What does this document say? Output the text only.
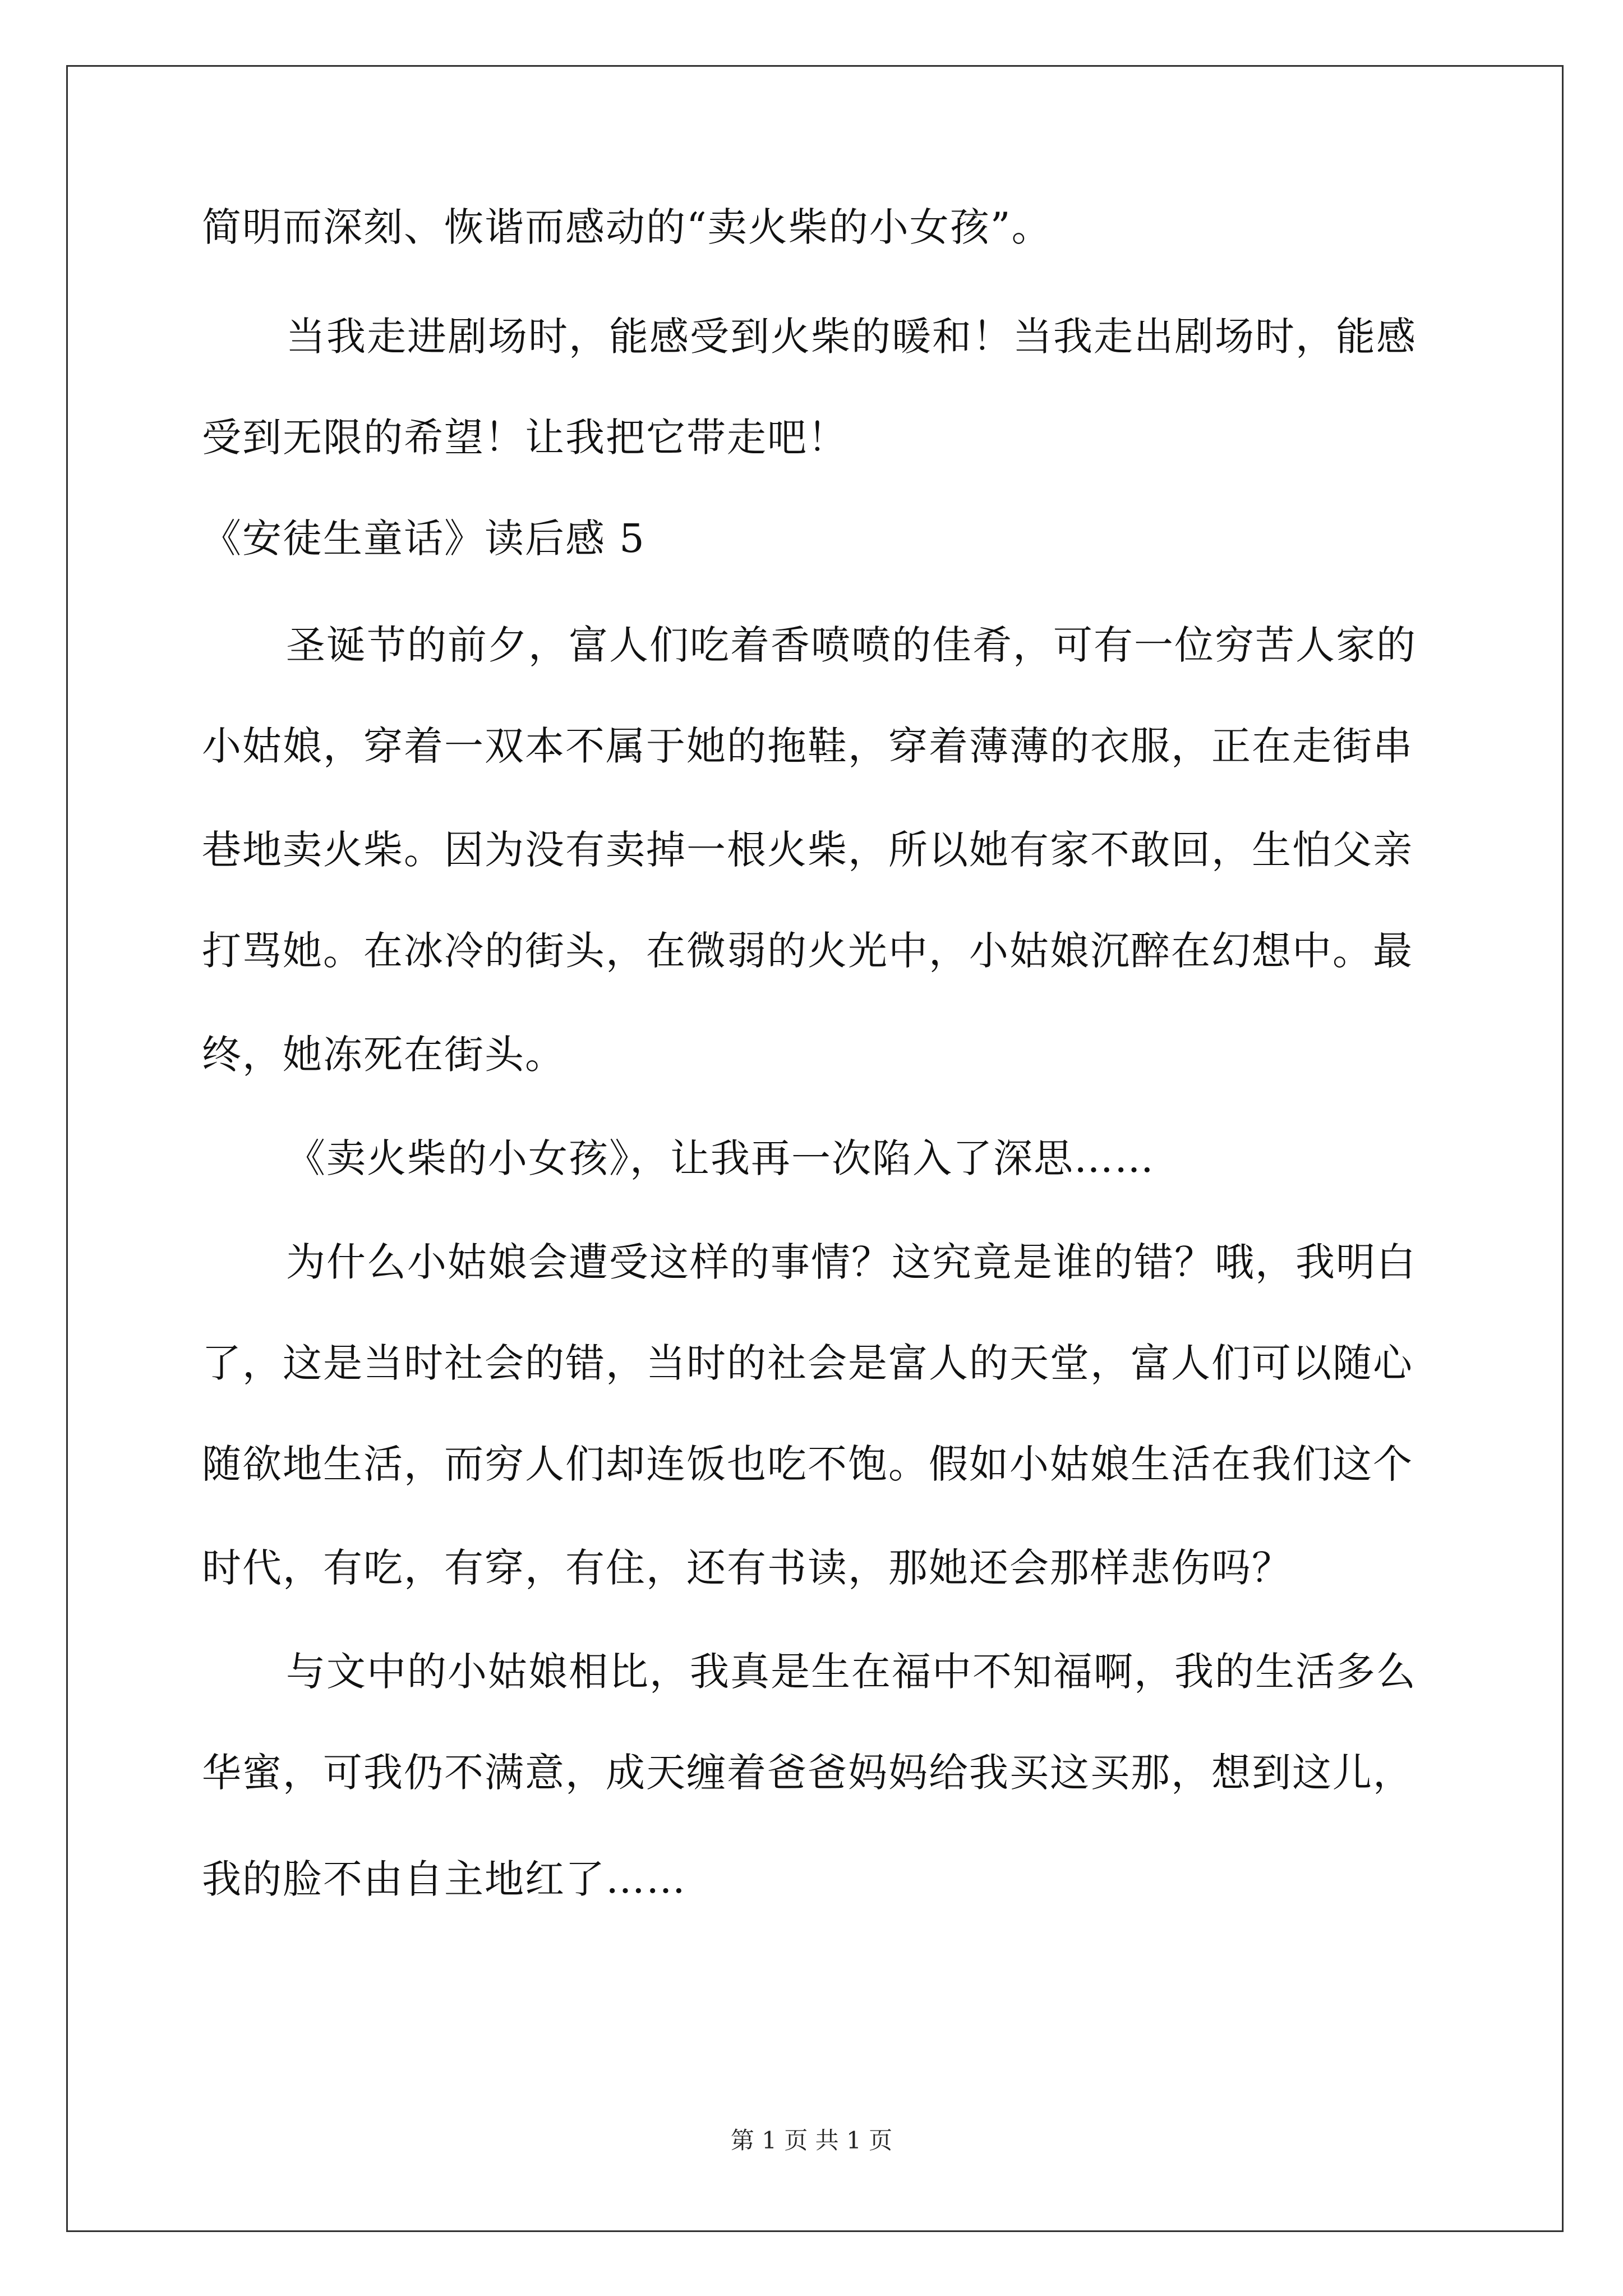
简明而深刻、恢谐而感动的“卖火柴的小女孩”。

当我走进剧场时，能感受到火柴的暖和！当我走出剧场时，能感

受到无限的希望！让我把它带走吧！

《安徒生童话》读后感 5

圣诞节的前夕，富人们吃着香喷喷的佳肴，可有一位穷苦人家的

小姑娘，穿着一双本不属于她的拖鞋，穿着薄薄的衣服，正在走街串

巷地卖火柴。因为没有卖掉一根火柴，所以她有家不敢回，生怕父亲

打骂她。在冰冷的街头，在微弱的火光中，小姑娘沉醉在幻想中。最

终，她冻死在街头。

《卖火柴的小女孩》，让我再一次陷入了深思……

为什么小姑娘会遭受这样的事情？这究竟是谁的错？哦，我明白

了，这是当时社会的错，当时的社会是富人的天堂，富人们可以随心

随欲地生活，而穷人们却连饭也吃不饱。假如小姑娘生活在我们这个

时代，有吃，有穿，有住，还有书读，那她还会那样悲伤吗？

与文中的小姑娘相比，我真是生在福中不知福啊，我的生活多么

华蜜，可我仍不满意，成天缠着爸爸妈妈给我买这买那，想到这儿，

我的脸不由自主地红了……

第 1 页 共 1 页
